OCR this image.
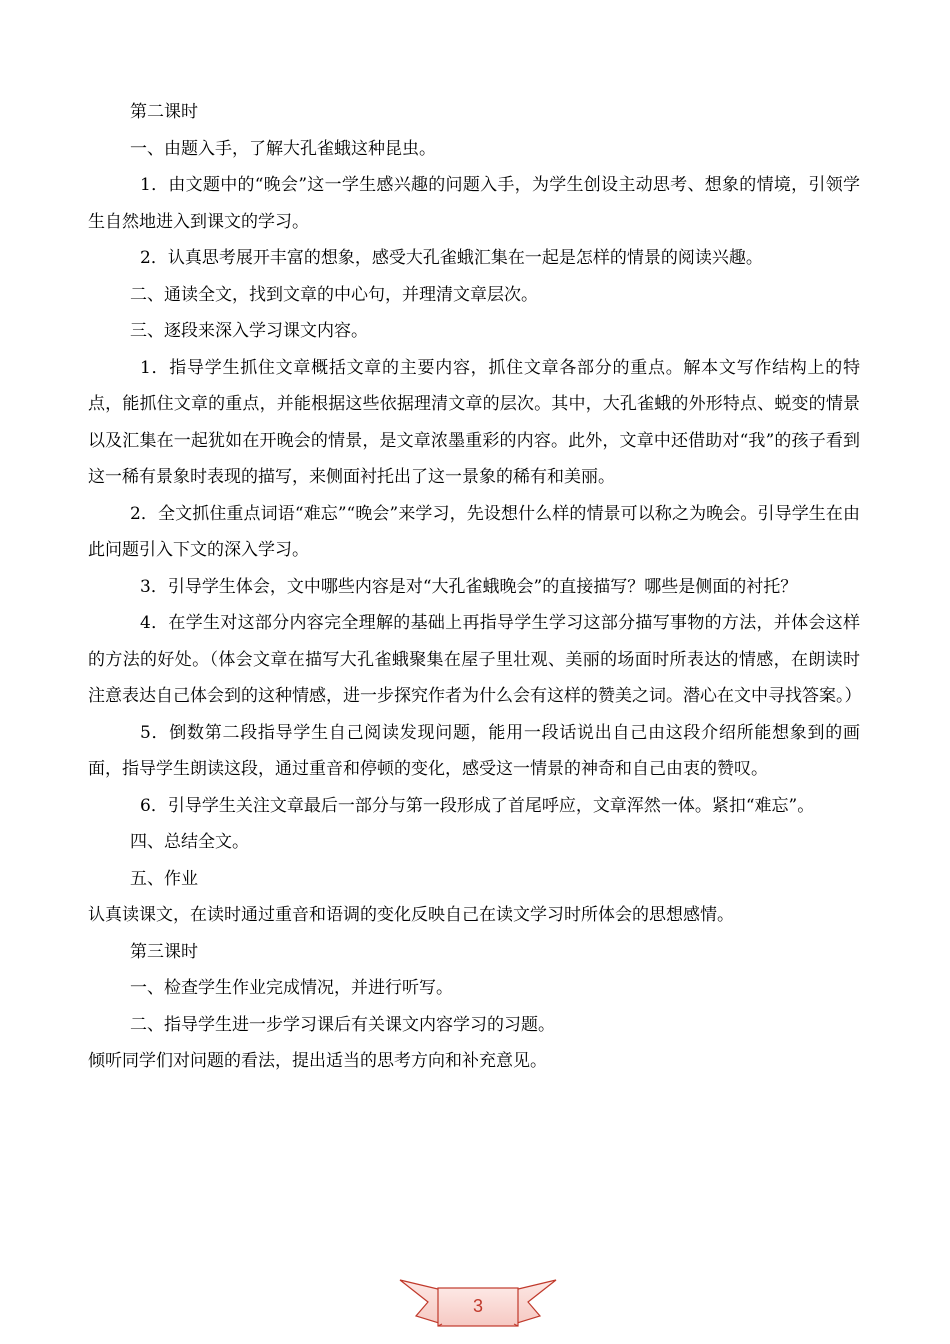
第二课时

一、由题入手，了解大孔雀蛾这种昆虫。

1．由文题中的“晚会”这一学生感兴趣的问题入手，为学生创设主动思考、想象的情境，引领学生自然地进入到课文的学习。

2．认真思考展开丰富的想象，感受大孔雀蛾汇集在一起是怎样的情景的阅读兴趣。

二、通读全文，找到文章的中心句，并理清文章层次。

三、逐段来深入学习课文内容。

1．指导学生抓住文章概括文章的主要内容，抓住文章各部分的重点。解本文写作结构上的特点，能抓住文章的重点，并能根据这些依据理清文章的层次。其中，大孔雀蛾的外形特点、蜕变的情景以及汇集在一起犹如在开晚会的情景，是文章浓墨重彩的内容。此外，文章中还借助对“我”的孩子看到这一稀有景象时表现的描写，来侧面衬托出了这一景象的稀有和美丽。

2．全文抓住重点词语“难忘”“晚会”来学习，先设想什么样的情景可以称之为晚会。引导学生在由此问题引入下文的深入学习。

3．引导学生体会，文中哪些内容是对“大孔雀蛾晚会”的直接描写？哪些是侧面的衬托？

4．在学生对这部分内容完全理解的基础上再指导学生学习这部分描写事物的方法，并体会这样的方法的好处。（体会文章在描写大孔雀蛾聚集在屋子里壮观、美丽的场面时所表达的情感，在朗读时注意表达自己体会到的这种情感，进一步探究作者为什么会有这样的赞美之词。潜心在文中寻找答案。）

5．倒数第二段指导学生自己阅读发现问题，能用一段话说出自己由这段介绍所能想象到的画面，指导学生朗读这段，通过重音和停顿的变化，感受这一情景的神奇和自己由衷的赞叹。

6．引导学生关注文章最后一部分与第一段形成了首尾呼应，文章浑然一体。紧扣“难忘”。

四、总结全文。

五、作业

认真读课文，在读时通过重音和语调的变化反映自己在读文学习时所体会的思想感情。

第三课时

一、检查学生作业完成情况，并进行听写。

二、指导学生进一步学习课后有关课文内容学习的习题。

倾听同学们对问题的看法，提出适当的思考方向和补充意见。

3
